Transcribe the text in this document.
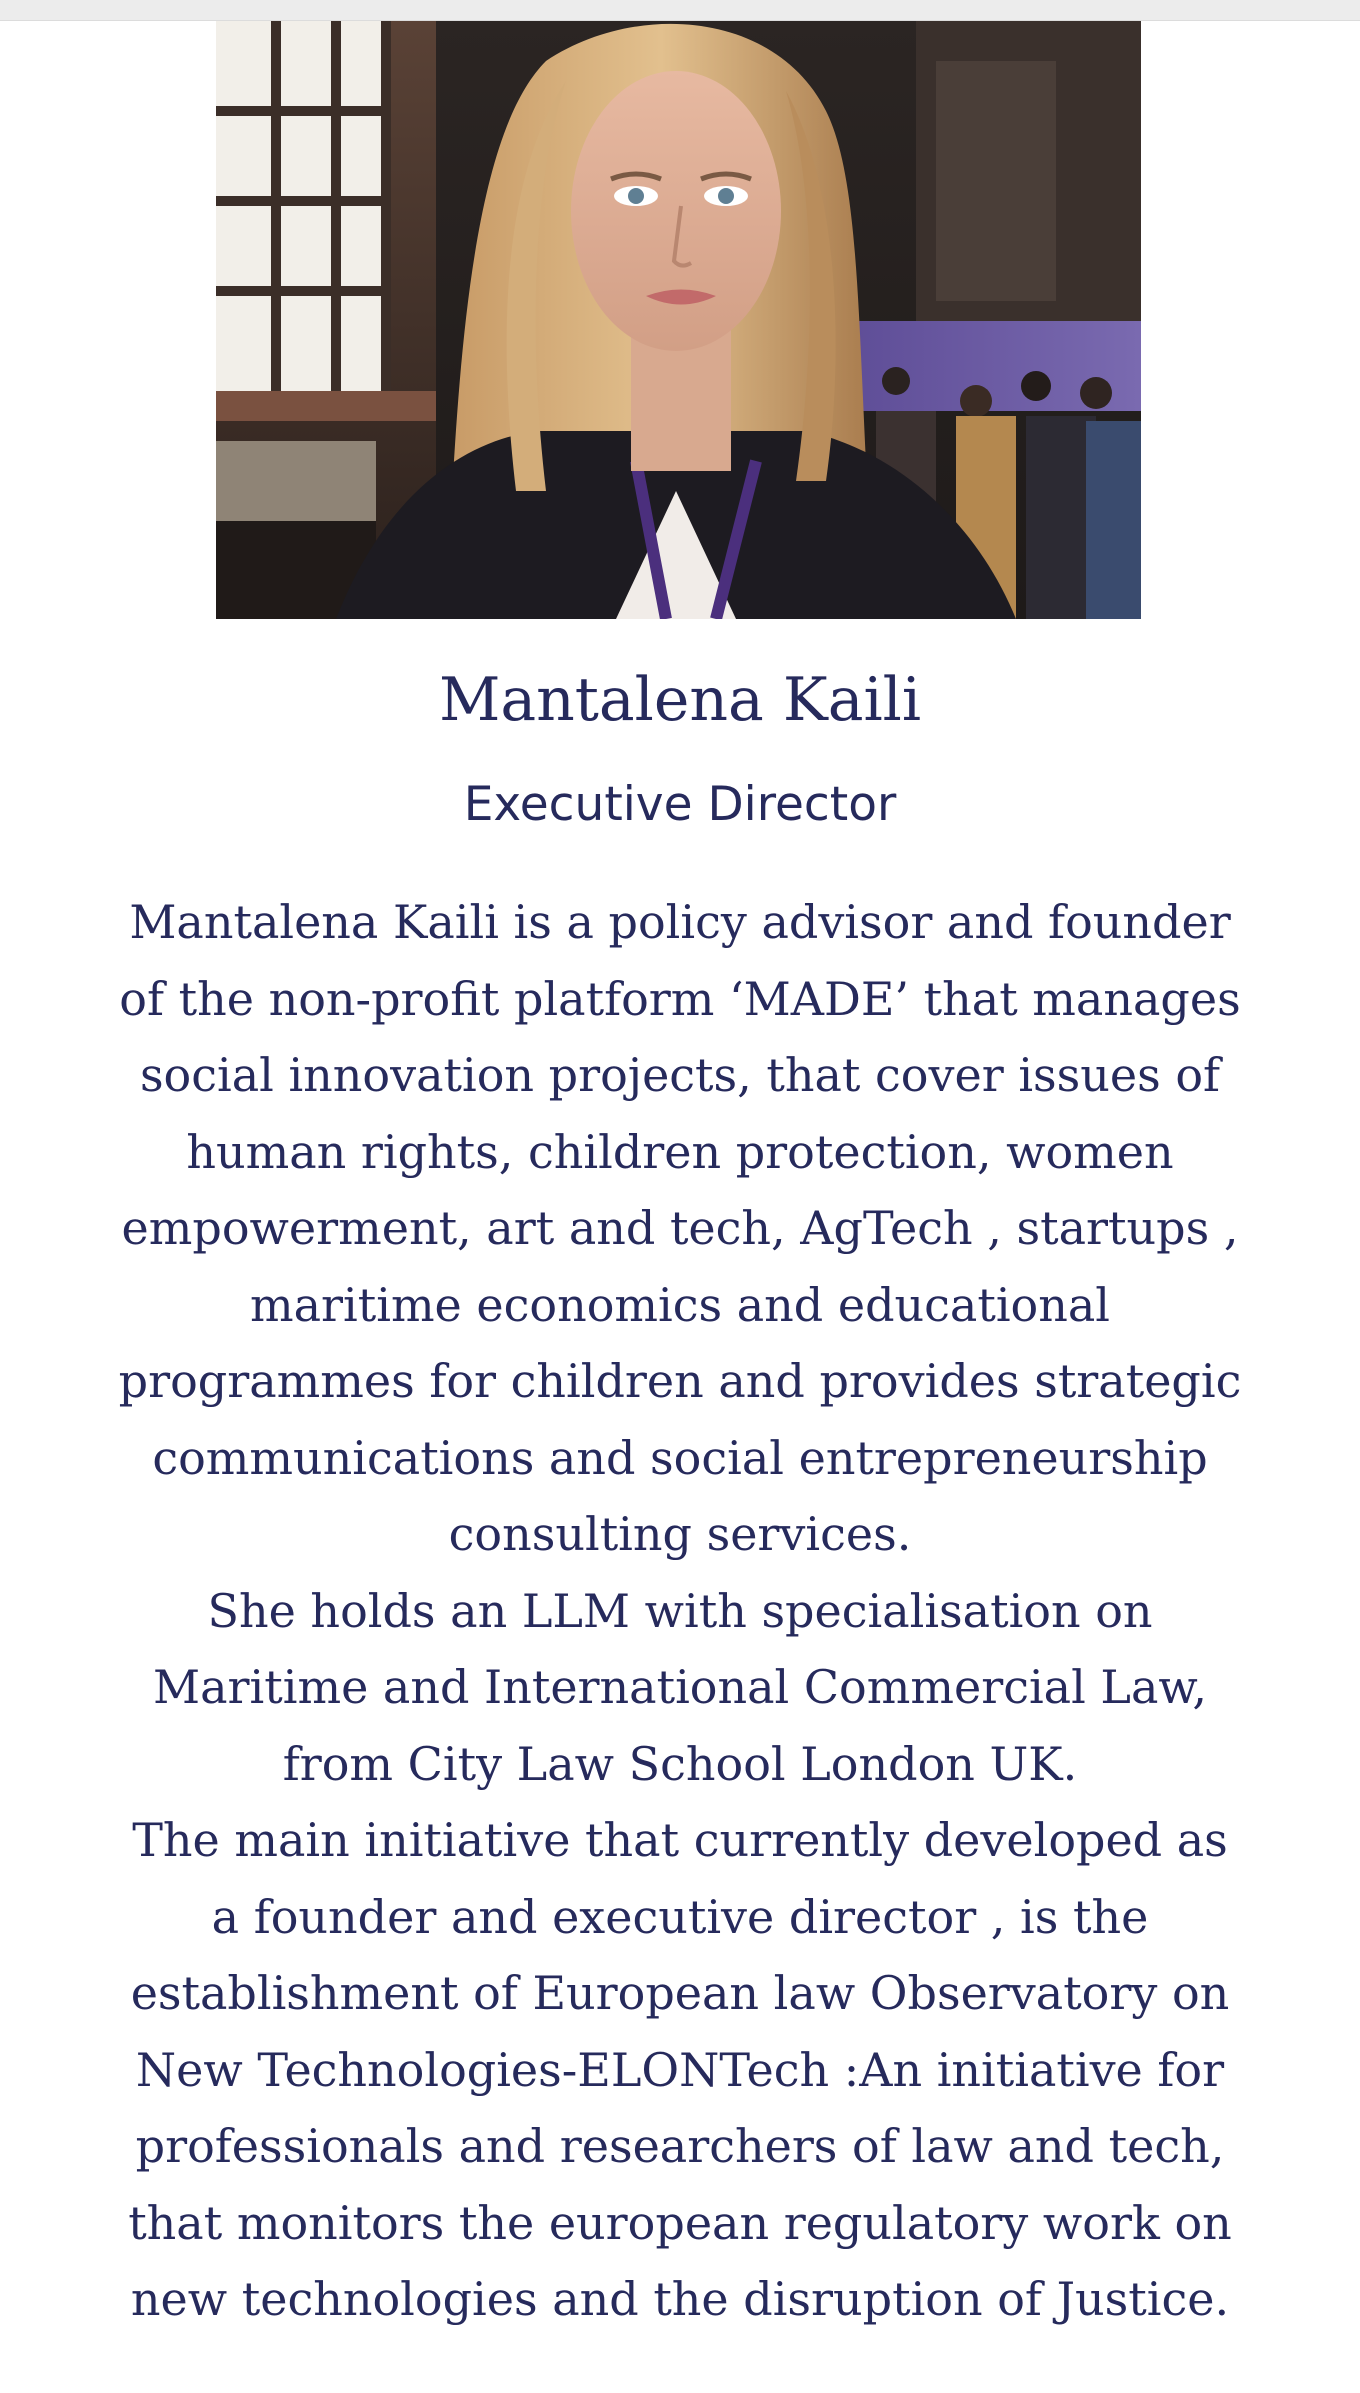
Mantalena Kaili
Executive Director
Mantalena Kaili is a policy advisor and founder
of the non-profit platform ‘MADE’ that manages
social innovation projects, that cover issues of
human rights, children protection, women
empowerment, art and tech, AgTech , startups ,
maritime economics and educational
programmes for children and provides strategic
communications and social entrepreneurship
consulting services.
She holds an LLM with specialisation on
Maritime and International Commercial Law,
from City Law School London UK.
The main initiative that currently developed as
a founder and executive director , is the
establishment of European law Observatory on
New Technologies-ELONTech :An initiative for
professionals and researchers of law and tech,
that monitors the european regulatory work on
new technologies and the disruption of Justice.
